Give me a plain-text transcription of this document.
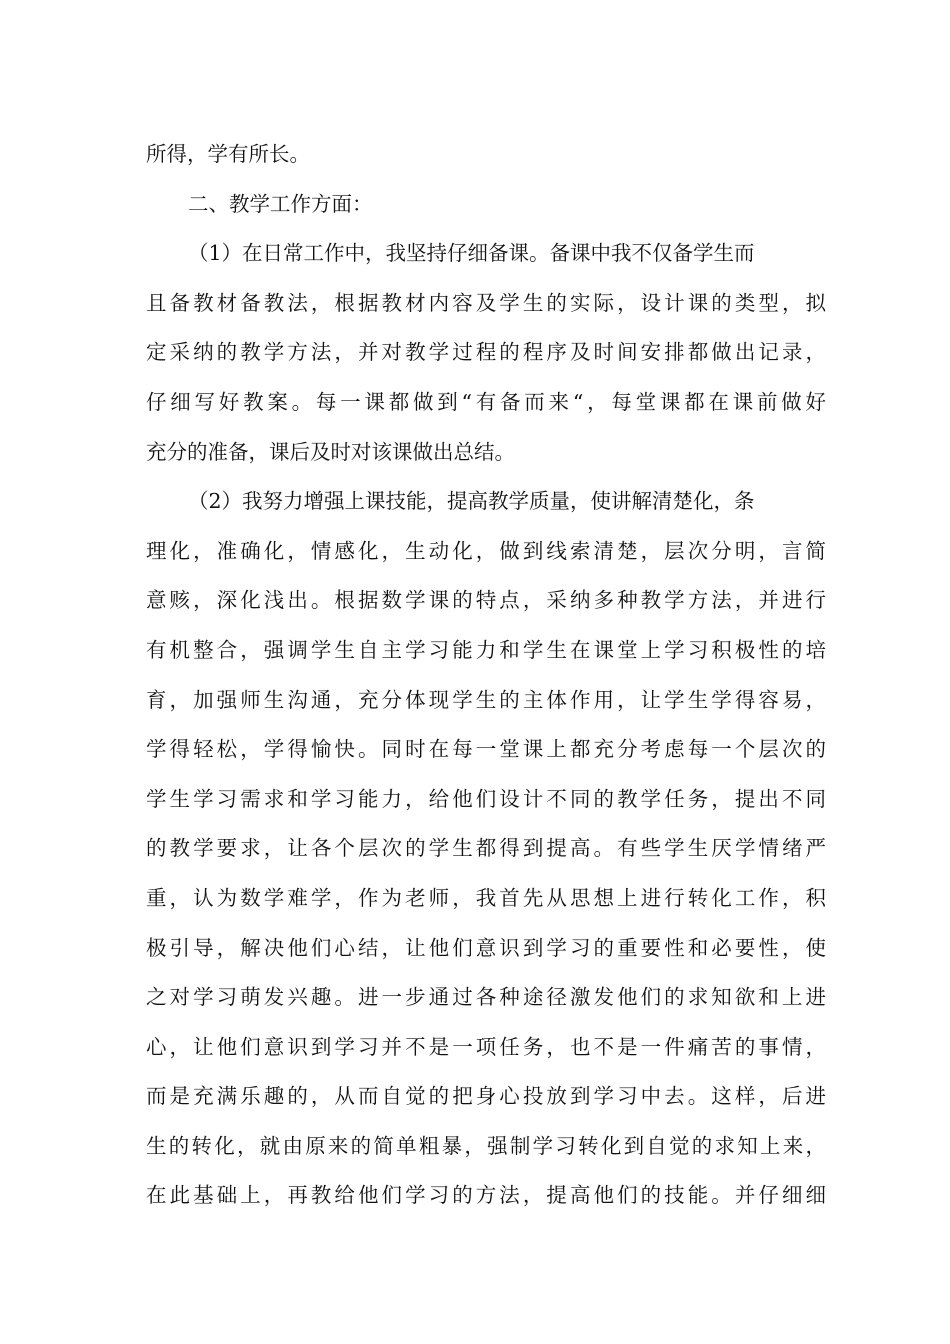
所得，学有所长。
二、教学工作方面：
（1）在日常工作中，我坚持仔细备课。备课中我不仅备学生而
且备教材备教法，根据教材内容及学生的实际，设计课的类型，拟
定采纳的教学方法，并对教学过程的程序及时间安排都做出记录，
仔细写好教案。每一课都做到“有备而来“，每堂课都在课前做好
充分的准备，课后及时对该课做出总结。
（2）我努力增强上课技能，提高教学质量，使讲解清楚化，条
理化，准确化，情感化，生动化，做到线索清楚，层次分明，言简
意赅，深化浅出。根据数学课的特点，采纳多种教学方法，并进行
有机整合，强调学生自主学习能力和学生在课堂上学习积极性的培
育，加强师生沟通，充分体现学生的主体作用，让学生学得容易，
学得轻松，学得愉快。同时在每一堂课上都充分考虑每一个层次的
学生学习需求和学习能力，给他们设计不同的教学任务，提出不同
的教学要求，让各个层次的学生都得到提高。有些学生厌学情绪严
重，认为数学难学，作为老师，我首先从思想上进行转化工作，积
极引导，解决他们心结，让他们意识到学习的重要性和必要性，使
之对学习萌发兴趣。进一步通过各种途径激发他们的求知欲和上进
心，让他们意识到学习并不是一项任务，也不是一件痛苦的事情，
而是充满乐趣的，从而自觉的把身心投放到学习中去。这样，后进
生的转化，就由原来的简单粗暴，强制学习转化到自觉的求知上来，
在此基础上，再教给他们学习的方法，提高他们的技能。并仔细细
